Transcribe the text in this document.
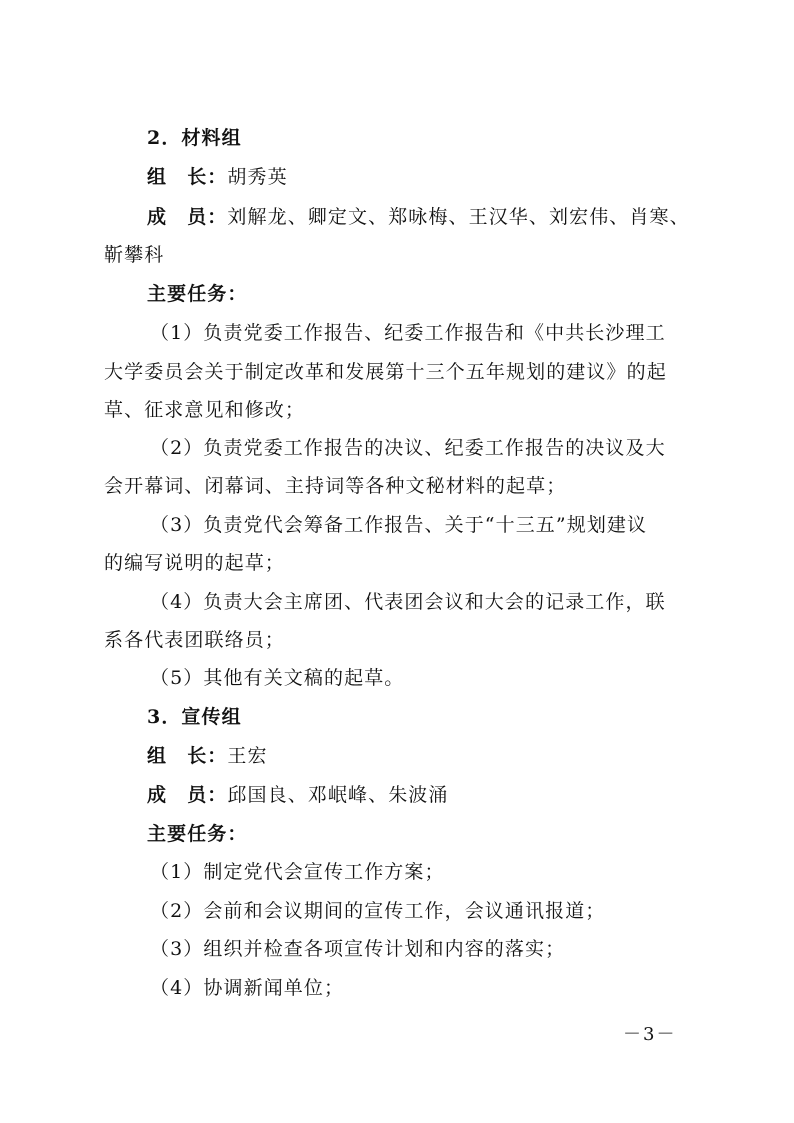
2．材料组
组　长：胡秀英
成　员：刘解龙、卿定文、郑咏梅、王汉华、刘宏伟、肖寒、
靳攀科
主要任务：
（1）负责党委工作报告、纪委工作报告和《中共长沙理工
大学委员会关于制定改革和发展第十三个五年规划的建议》的起
草、征求意见和修改；
（2）负责党委工作报告的决议、纪委工作报告的决议及大
会开幕词、闭幕词、主持词等各种文秘材料的起草；
（3）负责党代会筹备工作报告、关于“十三五”规划建议
的编写说明的起草；
（4）负责大会主席团、代表团会议和大会的记录工作，联
系各代表团联络员；
（5）其他有关文稿的起草。
3．宣传组
组　长：王宏
成　员：邱国良、邓岷峰、朱波涌
主要任务：
（1）制定党代会宣传工作方案；
（2）会前和会议期间的宣传工作，会议通讯报道；
（3）组织并检查各项宣传计划和内容的落实；
（4）协调新闻单位；
－3－
